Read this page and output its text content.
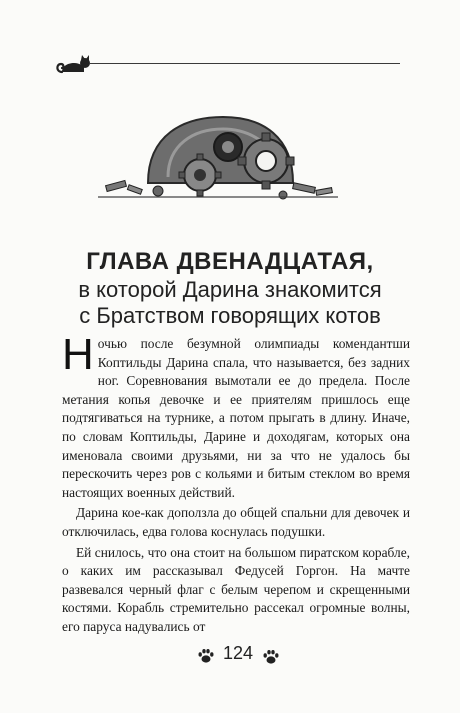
ГЛАВА ДВЕНАДЦАТАЯ,
в которой Дарина знакомится
с Братством говорящих котов

Ночью после безумной олимпиады комендантши Коптильды Дарина спала, что называется, без задних ног. Соревнования вымотали ее до предела. После метания копья девочке и ее приятелям пришлось еще подтягиваться на турнике, а потом прыгать в длину. Иначе, по словам Коптильды, Дарине и доходягам, которых она именовала своими друзьями, ни за что не удалось бы перескочить через ров с кольями и битым стеклом во время настоящих военных действий.

Дарина кое-как доползла до общей спальни для девочек и отключилась, едва голова коснулась подушки.

Ей снилось, что она стоит на большом пиратском корабле, о каких им рассказывал Федусей Горгон. На мачте развевался черный флаг с белым черепом и скрещенными костями. Корабль стремительно рассекал огромные волны, его паруса надувались от

124
